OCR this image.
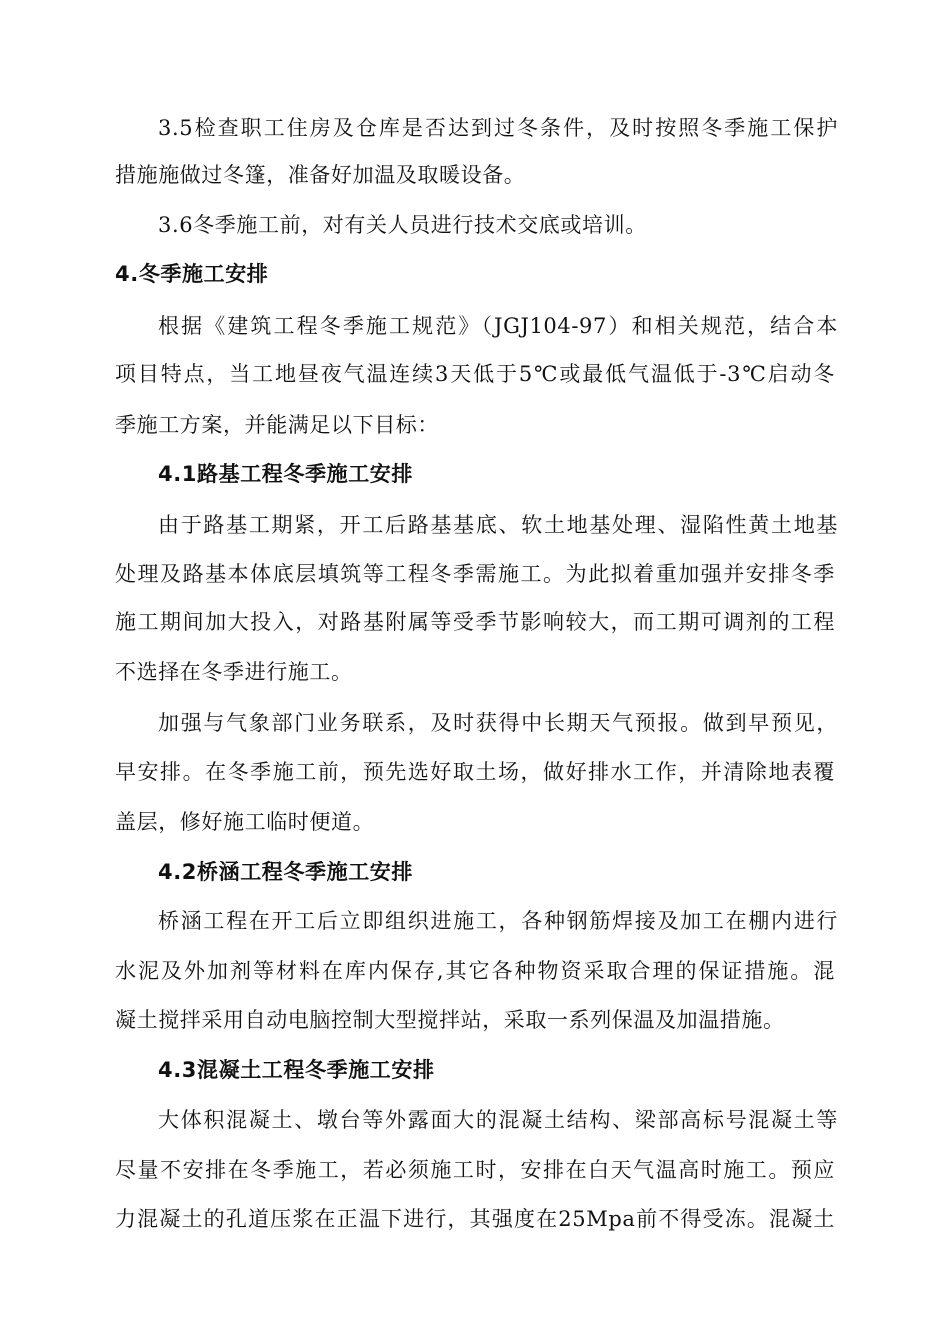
3.5检查职工住房及仓库是否达到过冬条件，及时按照冬季施工保护
措施施做过冬篷，准备好加温及取暖设备。
3.6冬季施工前，对有关人员进行技术交底或培训。
4.冬季施工安排
根据《建筑工程冬季施工规范》（JGJ104-97）和相关规范，结合本
项目特点，当工地昼夜气温连续3天低于5℃或最低气温低于-3℃启动冬
季施工方案，并能满足以下目标：
4.1路基工程冬季施工安排
由于路基工期紧，开工后路基基底、软土地基处理、湿陷性黄土地基
处理及路基本体底层填筑等工程冬季需施工。为此拟着重加强并安排冬季
施工期间加大投入，对路基附属等受季节影响较大，而工期可调剂的工程
不选择在冬季进行施工。
加强与气象部门业务联系，及时获得中长期天气预报。做到早预见，
早安排。在冬季施工前，预先选好取土场，做好排水工作，并清除地表覆
盖层，修好施工临时便道。
4.2桥涵工程冬季施工安排
桥涵工程在开工后立即组织进施工，各种钢筋焊接及加工在棚内进行
水泥及外加剂等材料在库内保存,其它各种物资采取合理的保证措施。混
凝土搅拌采用自动电脑控制大型搅拌站，采取一系列保温及加温措施。
4.3混凝土工程冬季施工安排
大体积混凝土、墩台等外露面大的混凝土结构、梁部高标号混凝土等
尽量不安排在冬季施工，若必须施工时，安排在白天气温高时施工。预应
力混凝土的孔道压浆在正温下进行，其强度在25Mpa前不得受冻。混凝土
